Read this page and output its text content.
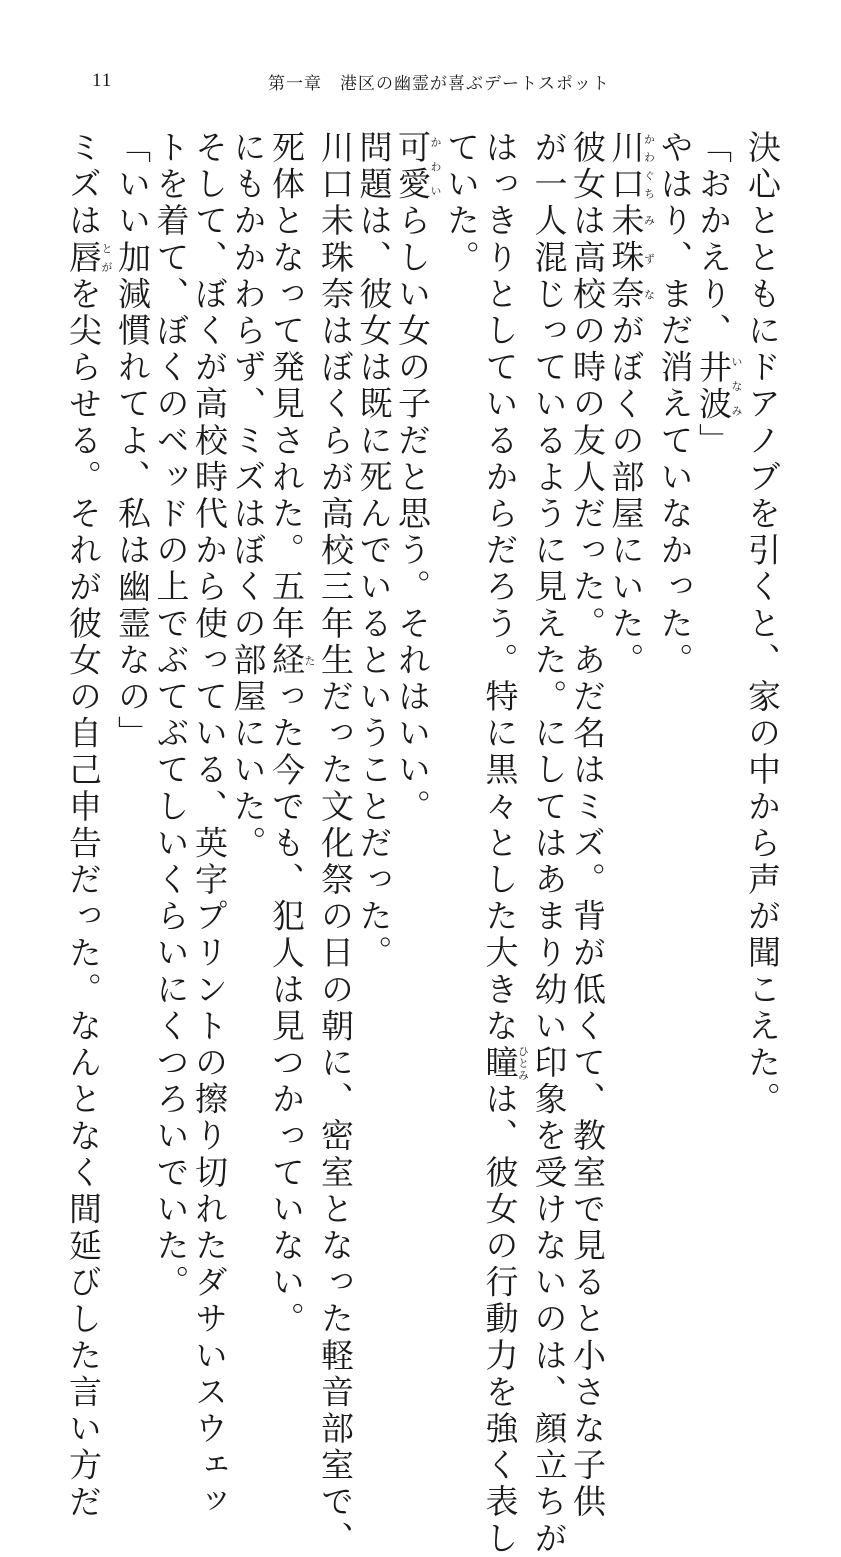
11	第一章　港区の幽霊が喜ぶデートスポット
決心とともにドアノブを引くと、家の中から声が聞こえた。
「おかえり、井波いなみ」
やはり、まだ消えていなかった。
川口かわぐち未珠みず奈ながぼくの部屋にいた。
彼女は高校の時の友人だった。あだ名はミズ。背が低くて、教室で見ると小さな子供
が一人混じっているように見えた。にしてはあまり幼い印象を受けないのは、顔立ちが
はっきりとしているからだろう。特に黒々とした大きな瞳ひとみは、彼女の行動力を強く表し
ていた。
可愛かわいらしい女の子だと思う。それはいい。
問題は、彼女は既に死んでいるということだった。
川口未珠奈はぼくらが高校三年生だった文化祭の日の朝に、密室となった軽音部室で、
死体となって発見された。五年経たった今でも、犯人は見つかっていない。
にもかかわらず、ミズはぼくの部屋にいた。
そして、ぼくが高校時代から使っている、英字プリントの擦り切れたダサいスウェッ
トを着て、ぼくのベッドの上でぶてぶてしいくらいにくつろいでいた。
「いい加減慣れてよ、私は幽霊なの」
ミズは唇とがを尖らせる。それが彼女の自己申告だった。なんとなく間延びした言い方だ
